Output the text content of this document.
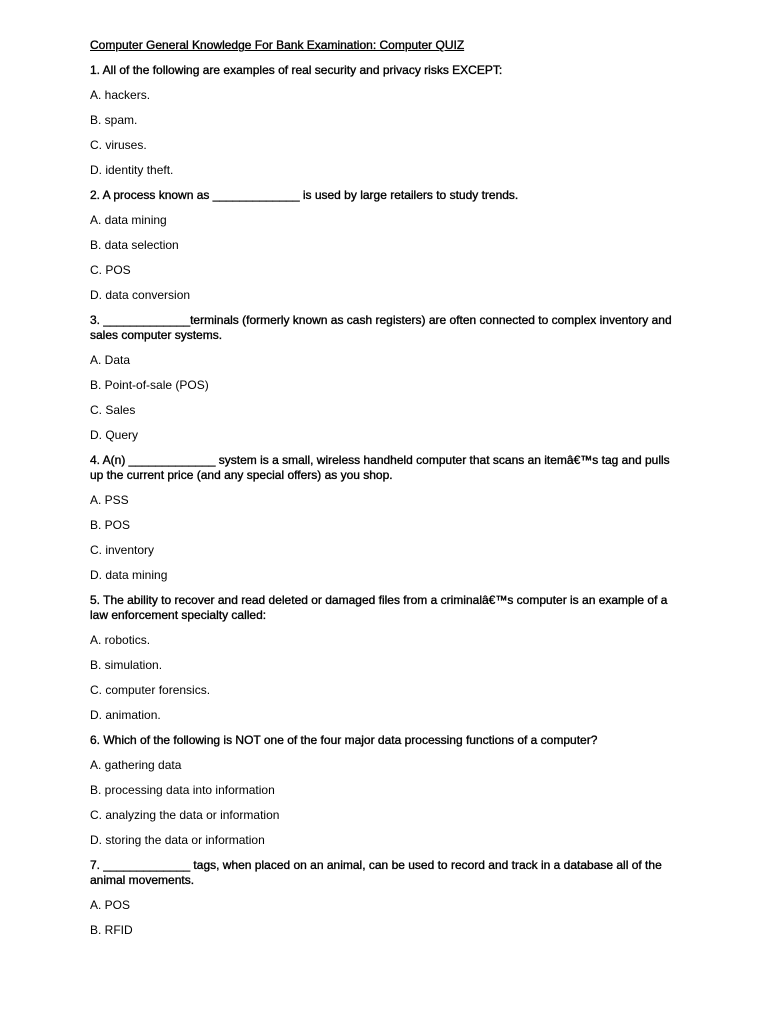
Computer General Knowledge For Bank Examination: Computer QUIZ
1. All of the following are examples of real security and privacy risks EXCEPT:
A. hackers.
B. spam.
C. viruses.
D. identity theft.
2. A process known as _____________ is used by large retailers to study trends.
A. data mining
B. data selection
C. POS
D. data conversion
3. _____________terminals (formerly known as cash registers) are often connected to complex inventory and sales computer systems.
A. Data
B. Point-of-sale (POS)
C. Sales
D. Query
4. A(n) _____________ system is a small, wireless handheld computer that scans an itemâ€™s tag and pulls up the current price (and any special offers) as you shop.
A. PSS
B. POS
C. inventory
D. data mining
5. The ability to recover and read deleted or damaged files from a criminalâ€™s computer is an example of a law enforcement specialty called:
A. robotics.
B. simulation.
C. computer forensics.
D. animation.
6. Which of the following is NOT one of the four major data processing functions of a computer?
A. gathering data
B. processing data into information
C. analyzing the data or information
D. storing the data or information
7. _____________ tags, when placed on an animal, can be used to record and track in a database all of the animal movements.
A. POS
B. RFID
